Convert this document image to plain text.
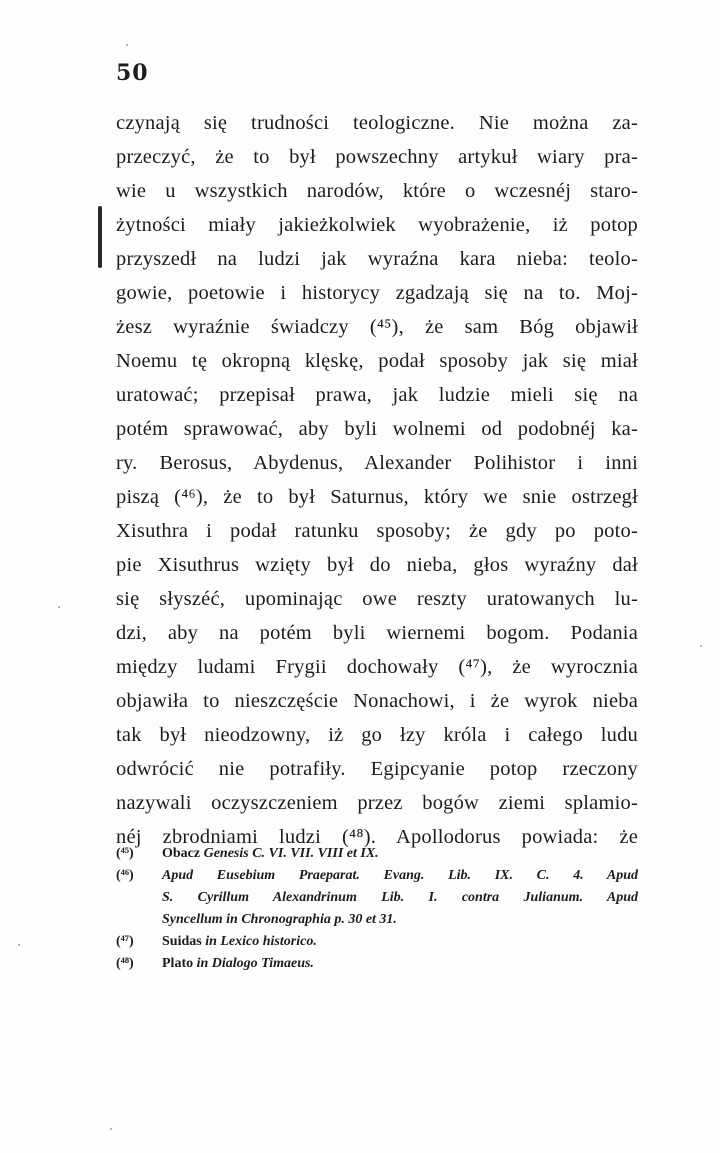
50
czynają się trudności teologiczne. Nie można za-
przeczyć, że to był powszechny artykuł wiary pra-
wie u wszystkich narodów, które o wczesnéj staro-
żytności miały jakieżkolwiek wyobrażenie, iż potop
przyszedł na ludzi jak wyraźna kara nieba: teolo-
gowie, poetowie i historycy zgadzają się na to. Moj-
żesz wyraźnie świadczy (⁴⁵), że sam Bóg objawił
Noemu tę okropną klęskę, podał sposoby jak się miał
uratować; przepisał prawa, jak ludzie mieli się na
potém sprawować, aby byli wolnemi od podobnéj ka-
ry. Berosus, Abydenus, Alexander Polihistor i inni
piszą (⁴⁶), że to był Saturnus, który we snie ostrzegł
Xisuthra i podał ratunku sposoby; że gdy po poto-
pie Xisuthrus wzięty był do nieba, głos wyraźny dał
się słyszéć, upominając owe reszty uratowanych lu-
dzi, aby na potém byli wiernemi bogom. Podania
między ludami Frygii dochowały (⁴⁷), że wyrocznia
objawiła to nieszczęście Nonachowi, i że wyrok nieba
tak był nieodzowny, iż go łzy króla i całego ludu
odwrócić nie potrafiły. Egipcyanie potop rzeczony
nazywali oczyszczeniem przez bogów ziemi splamio-
néj zbrodniami ludzi (⁴⁸). Apollodorus powiada: że
(⁴⁵) Obacz Genesis C. VI. VII. VIII et IX.
(⁴⁶) Apud Eusebium Praeparat. Evang. Lib. IX. C. 4. Apud
S. Cyrillum Alexandrinum Lib. I. contra Julianum. Apud
Syncellum in Chronographia p. 30 et 31.
(⁴⁷) Suidas in Lexico historico.
(⁴⁸) Plato in Dialogo Timaeus.
